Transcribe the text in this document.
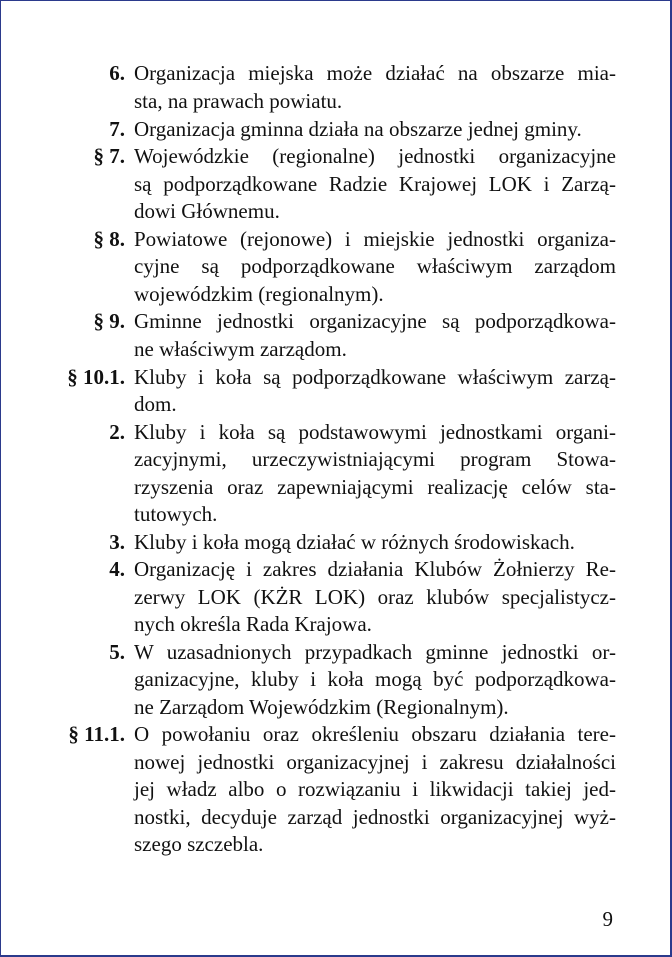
6. Organizacja miejska może działać na obszarze mia-
sta, na prawach powiatu.
7. Organizacja gminna działa na obszarze jednej gminy.
§ 7. Wojewódzkie (regionalne) jednostki organizacyjne
są podporządkowane Radzie Krajowej LOK i Zarzą-
dowi Głównemu.
§ 8. Powiatowe (rejonowe) i miejskie jednostki organiza-
cyjne są podporządkowane właściwym zarządom
wojewódzkim (regionalnym).
§ 9. Gminne jednostki organizacyjne są podporządkowa-
ne właściwym zarządom.
§ 10.1. Kluby i koła są podporządkowane właściwym zarzą-
dom.
2. Kluby i koła są podstawowymi jednostkami organi-
zacyjnymi, urzeczywistniającymi program Stowa-
rzyszenia oraz zapewniającymi realizację celów sta-
tutowych.
3. Kluby i koła mogą działać w różnych środowiskach.
4. Organizację i zakres działania Klubów Żołnierzy Re-
zerwy LOK (KŻR LOK) oraz klubów specjalistycz-
nych określa Rada Krajowa.
5. W uzasadnionych przypadkach gminne jednostki or-
ganizacyjne, kluby i koła mogą być podporządkowa-
ne Zarządom Wojewódzkim (Regionalnym).
§ 11.1. O powołaniu oraz określeniu obszaru działania tere-
nowej jednostki organizacyjnej i zakresu działalności
jej władz albo o rozwiązaniu i likwidacji takiej jed-
nostki, decyduje zarząd jednostki organizacyjnej wyż-
szego szczebla.
9
